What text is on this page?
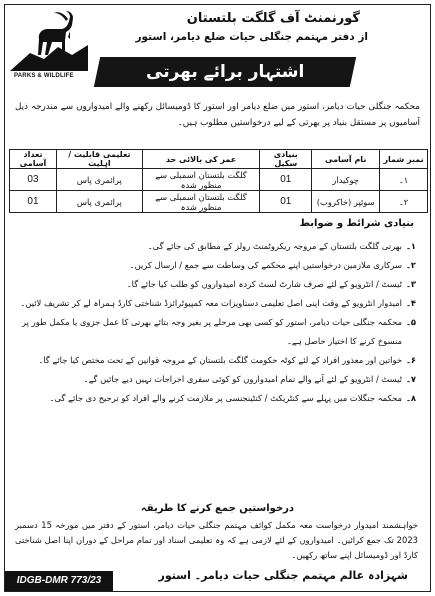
PARKS & WILDLIFE
گورنمنٹ آف گلگت بلتستان
از دفتر مہتمم جنگلی حیات ضلع دیامر، استور
اشتہار برائے بھرتی
محکمہ جنگلی حیات دیامر، استور میں ضلع دیامر اور استور کا ڈومیسائل رکھنے والے امیدواروں سے مندرجہ ذیل آسامیوں پر مستقل بنیاد پر بھرتی کے لیے درخواستیں مطلوب ہیں۔
نمبر شمار	نام آسامی	بنیادی سکیل	عمر کی بالائی حد	تعلیمی قابلیت / اہلیت	تعداد آسامی
۱۔	چوکیدار	01	گلگت بلتستان اسمبلی سے منظور شدہ	پرائمری پاس	03
۲۔	سوئپر (خاکروب)	01	گلگت بلتستان اسمبلی سے منظور شدہ	پرائمری پاس	01
بنیادی شرائط و ضوابط
۱۔
بھرتی گلگت بلتستان کے مروجہ ریکروٹمنٹ رولز کے مطابق کی جائے گی۔
۲۔
سرکاری ملازمین درخواستیں اپنے محکمے کی وساطت سے جمع / ارسال کریں۔
۳۔
ٹیسٹ / انٹرویو کے لئے صرف شارٹ لسٹ کردہ امیدواروں کو طلب کیا جائے گا۔
۴۔
امیدوار انٹرویو کے وقت اپنی اصل تعلیمی دستاویزات معہ کمپیوٹرائزڈ شناختی کارڈ ہمراہ لے کر تشریف لائیں۔
۵۔
محکمہ جنگلی حیات دیامر، استور کو کسی بھی مرحلے پر بغیر وجہ بتائے بھرتی کا عمل جزوی یا مکمل طور پر منسوخ کرنے کا اختیار حاصل ہے۔
۶۔
خواتین اور معذور افراد کے لئے کوٹہ حکومت گلگت بلتستان کے مروجہ قوانین کے تحت مختص کیا جائے گا۔
۷۔
ٹیسٹ / انٹرویو کے لئے آنے والے تمام امیدواروں کو کوئی سفری اخراجات نہیں دیے جائیں گے۔
۸۔
محکمہ جنگلات میں پہلے سے کنٹریکٹ / کنٹینجنسی پر ملازمت کرنے والے افراد کو ترجیح دی جائے گی۔
درخواستیں جمع کرنے کا طریقہ
خواہشمند امیدوار درخواست معہ مکمل کوائف مہتمم جنگلی حیات دیامر، استور کے دفتر میں مورخہ 15 دسمبر 2023 تک جمع کرائیں۔ امیدواروں کے لئے لازمی ہے کہ وہ تعلیمی اسناد اور تمام مراحل کے دوران اپنا اصل شناختی کارڈ اور ڈومیسائل اپنے ساتھ رکھیں۔
شہزادہ عالم مہتمم جنگلی حیات دیامر۔ استور
IDGB-DMR 773/23
